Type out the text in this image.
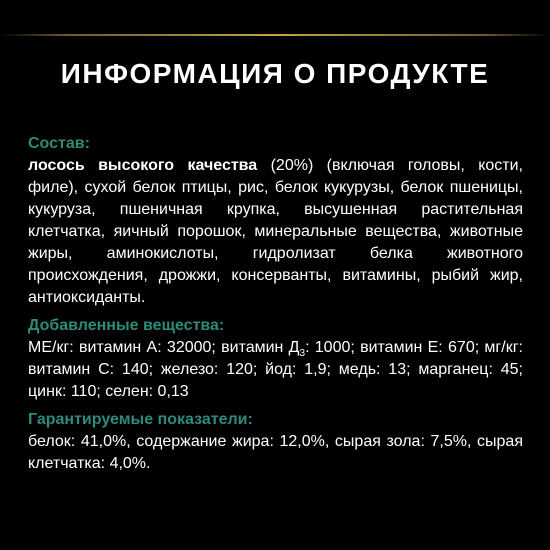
ИНФОРМАЦИЯ О ПРОДУКТЕ

Состав:

лосось высокого качества (20%) (включая головы, кости, филе), сухой белок птицы, рис, белок кукурузы, белок пшеницы, кукуруза, пшеничная крупка, высушенная растительная клетчатка, яичный порошок, минеральные вещества, животные жиры, аминокислоты, гидролизат белка животного происхождения, дрожжи, консерванты, витамины, рыбий жир, антиоксиданты.

Добавленные вещества:

МЕ/кг: витамин А: 32000; витамин $Д_3$: 1000; витамин Е: 670; мг/кг: витамин С: 140; железо: 120; йод: 1,9; медь: 13; марганец: 45; цинк: 110; селен: 0,13

Гарантируемые показатели:

белок: 41,0%, содержание жира: 12,0%, сырая зола: 7,5%, сырая клетчатка: 4,0%.
